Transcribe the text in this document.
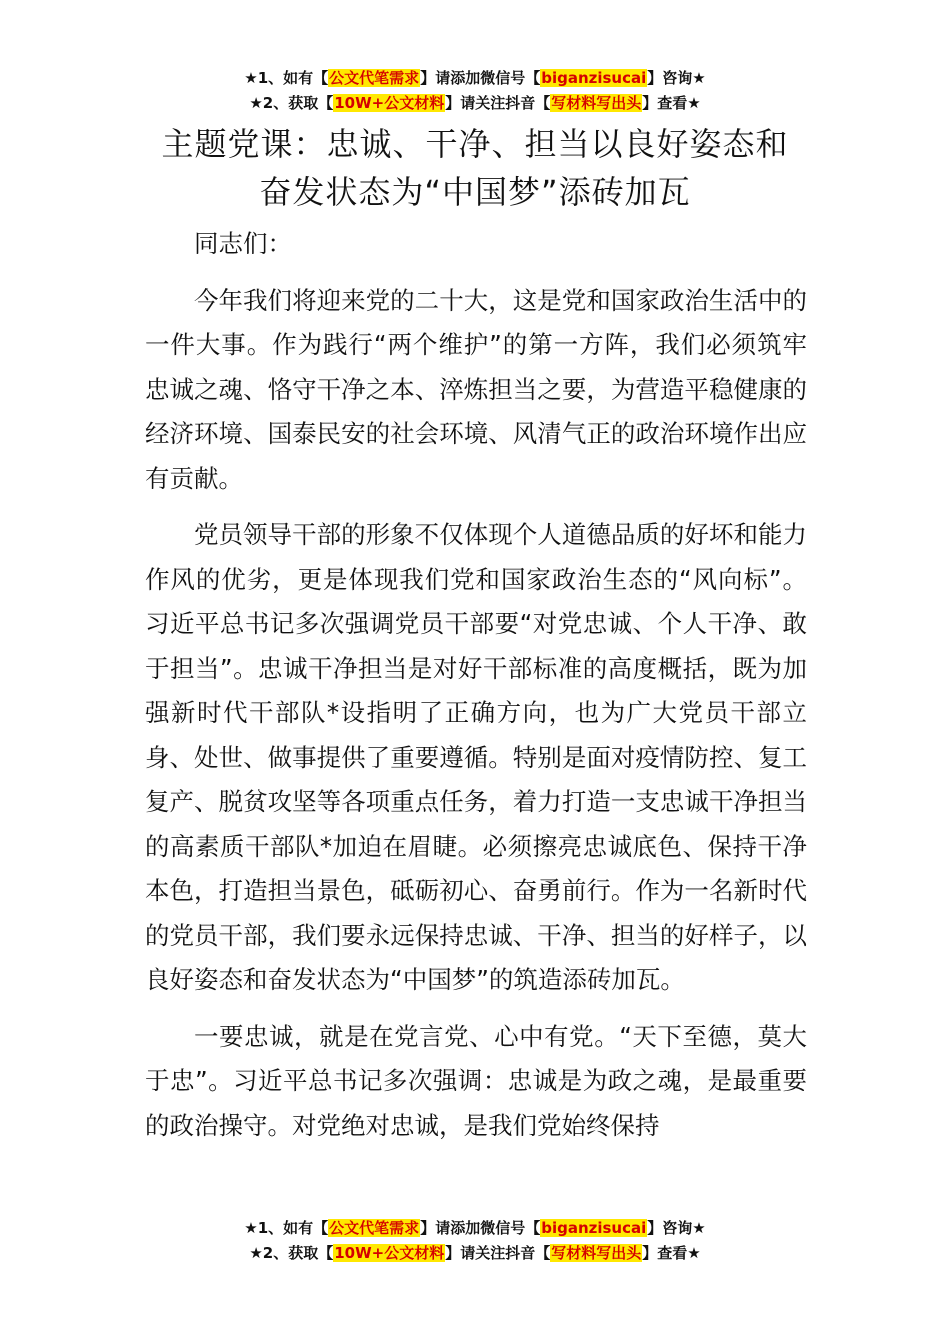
★1、如有【公文代笔需求】请添加微信号【biganzisucai】咨询★
★2、获取【10W+公文材料】请关注抖音【写材料写出头】查看★
主题党课：忠诚、干净、担当以良好姿态和
奋发状态为“中国梦”添砖加瓦

同志们：

今年我们将迎来党的二十大，这是党和国家政治生活中的一件大事。作为践行“两个维护”的第一方阵，我们必须筑牢忠诚之魂、恪守干净之本、淬炼担当之要，为营造平稳健康的经济环境、国泰民安的社会环境、风清气正的政治环境作出应有贡献。

党员领导干部的形象不仅体现个人道德品质的好坏和能力作风的优劣，更是体现我们党和国家政治生态的“风向标”。习近平总书记多次强调党员干部要“对党忠诚、个人干净、敢于担当”。忠诚干净担当是对好干部标准的高度概括，既为加强新时代干部队*设指明了正确方向，也为广大党员干部立身、处世、做事提供了重要遵循。特别是面对疫情防控、复工复产、脱贫攻坚等各项重点任务，着力打造一支忠诚干净担当的高素质干部队*加迫在眉睫。必须擦亮忠诚底色、保持干净本色，打造担当景色，砥砺初心、奋勇前行。作为一名新时代的党员干部，我们要永远保持忠诚、干净、担当的好样子，以良好姿态和奋发状态为“中国梦”的筑造添砖加瓦。

一要忠诚，就是在党言党、心中有党。“天下至德，莫大于忠”。习近平总书记多次强调：忠诚是为政之魂，是最重要的政治操守。对党绝对忠诚，是我们党始终保持

★1、如有【公文代笔需求】请添加微信号【biganzisucai】咨询★
★2、获取【10W+公文材料】请关注抖音【写材料写出头】查看★
